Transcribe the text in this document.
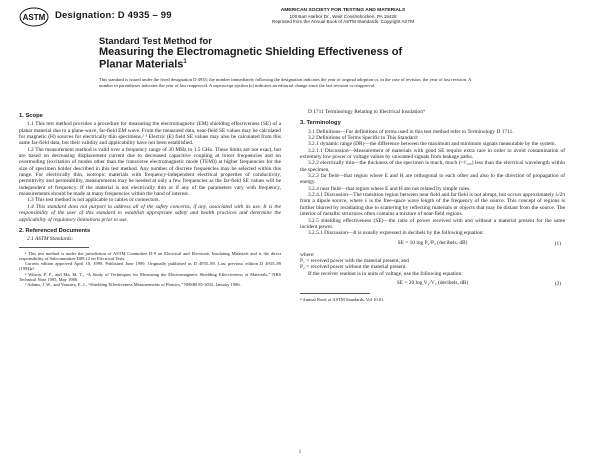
ASTM Designation: D 4935 – 99	AMERICAN SOCIETY FOR TESTING AND MATERIALS
100 Barr Harbor Dr., West Conshohocken, PA 19428
Reprinted from the Annual Book of ASTM Standards. Copyright ASTM
Standard Test Method for
Measuring the Electromagnetic Shielding Effectiveness of
Planar Materials$^1$
This standard is issued under the fixed designation D 4935; the number immediately following the designation indicates the year of original adoption or, in the case of revision, the year of last revision. A number in parentheses indicates the year of last reapproval. A superscript epsilon (ε) indicates an editorial change since the last revision or reapproval.
1. Scope

1.1 This test method provides a procedure for measuring the electromagnetic (EM) shielding effectiveness (SE) of a planar material due to a plane-wave, far-field EM wave. From the measured data, near-field SE values may be calculated for magnetic (H) sources for electrically thin specimens.² ³ Electric (E) field SE values may also be calculated from this same far-field data, but their validity and applicability have not been established.

1.2 The measurement method is valid over a frequency range of 30 MHz to 1.5 GHz. These limits are not exact, but are based on decreasing displacement current due to decreased capacitive coupling at lower frequencies and on overmoding (excitation of modes other than the transverse electromagnetic mode (TEM)) at higher frequencies for the size of specimen holder described in this test method. Any number of discrete frequencies may be selected within this range. For electrically thin, isotropic materials with frequency-independent electrical properties of conductivity, permittivity and permeability, measurements may be needed at only a few frequencies as the far-field SE values will be independent of frequency. If the material is not electrically thin or if any of the parameters vary with frequency, measurements should be made at many frequencies within the band of interest.

1.3 This test method is not applicable to cables or connectors.

1.4 This standard does not purport to address all of the safety concerns, if any, associated with its use. It is the responsibility of the user of this standard to establish appropriate safety and health practices and determine the applicability of regulatory limitations prior to use.

2. Referenced Documents

2.1 ASTM Standards:

¹ This test method is under the jurisdiction of ASTM Committee D-9 on Electrical and Electronic Insulating Materials and is the direct responsibility of Subcommittee D09.12 on Electrical Tests.

Current edition approved April 10, 1999. Published June 1999. Originally published as D 4935–89. Last previous edition D 4935–89 (1994)ε¹.

² Wilson, P. F., and Ma, M. T., “A Study of Techniques for Measuring the Electromagnetic Shielding Effectiveness of Materials,” NBS Technical Note 1095, May 1986.

³ Adams, J. W., and Vanzura, E. J., “Shielding Effectiveness Measurements of Plastics,” NBSIR 85-3035, January 1986.

D 1711 Terminology Relating to Electrical Insulation⁴

3. Terminology

3.1 Definitions—For definitions of terms used in this test method refer to Terminology D 1711.

3.2 Definitions of Terms Specific to This Standard:

3.2.1 dynamic range (DR)—the difference between the maximum and minimum signals measurable by the system.

3.2.1.1 Discussion—Measurement of materials with good SE require extra care in order to avoid contamination of extremely low power or voltage values by unwanted signals from leakage paths.

3.2.2 electrically thin—the thickness of the specimen is much, much (<¹⁄₁₀₀) less than the electrical wavelength within the specimen.

3.2.3 far field—that region where E and H are orthogonal to each other and also to the direction of propagation of energy.

3.2.4 near field—that region where E and H are not related by simple rules.

3.2.4.1 Discussion—The transition region between near field and far field is not abrupt, but occurs approximately λ/2π from a dipole source, where λ is the free-space wave length of the frequency of the source. This concept of regions is further blurred by reradiating due to scattering by reflecting materials or objects that may be distant from the source. The interior of metallic structures often contains a mixture of near-field regions.

3.2.5 shielding effectiveness (SE)—the ratio of power received with and without a material present for the same incident power.

3.2.5.1 Discussion—It is usually expressed in decibels by the following equation:

SE = 10 log P₁/P₂ (decibels, dB)	(1)
where:
P₁ = received power with the material present, and
P₂ = received power without the material present.

If the receiver readout is in units of voltage, use the following equation:

SE = 20 log V₁/V₂ (decibels, dB)	(2)
⁴ Annual Book of ASTM Standards, Vol 10.01.
1
